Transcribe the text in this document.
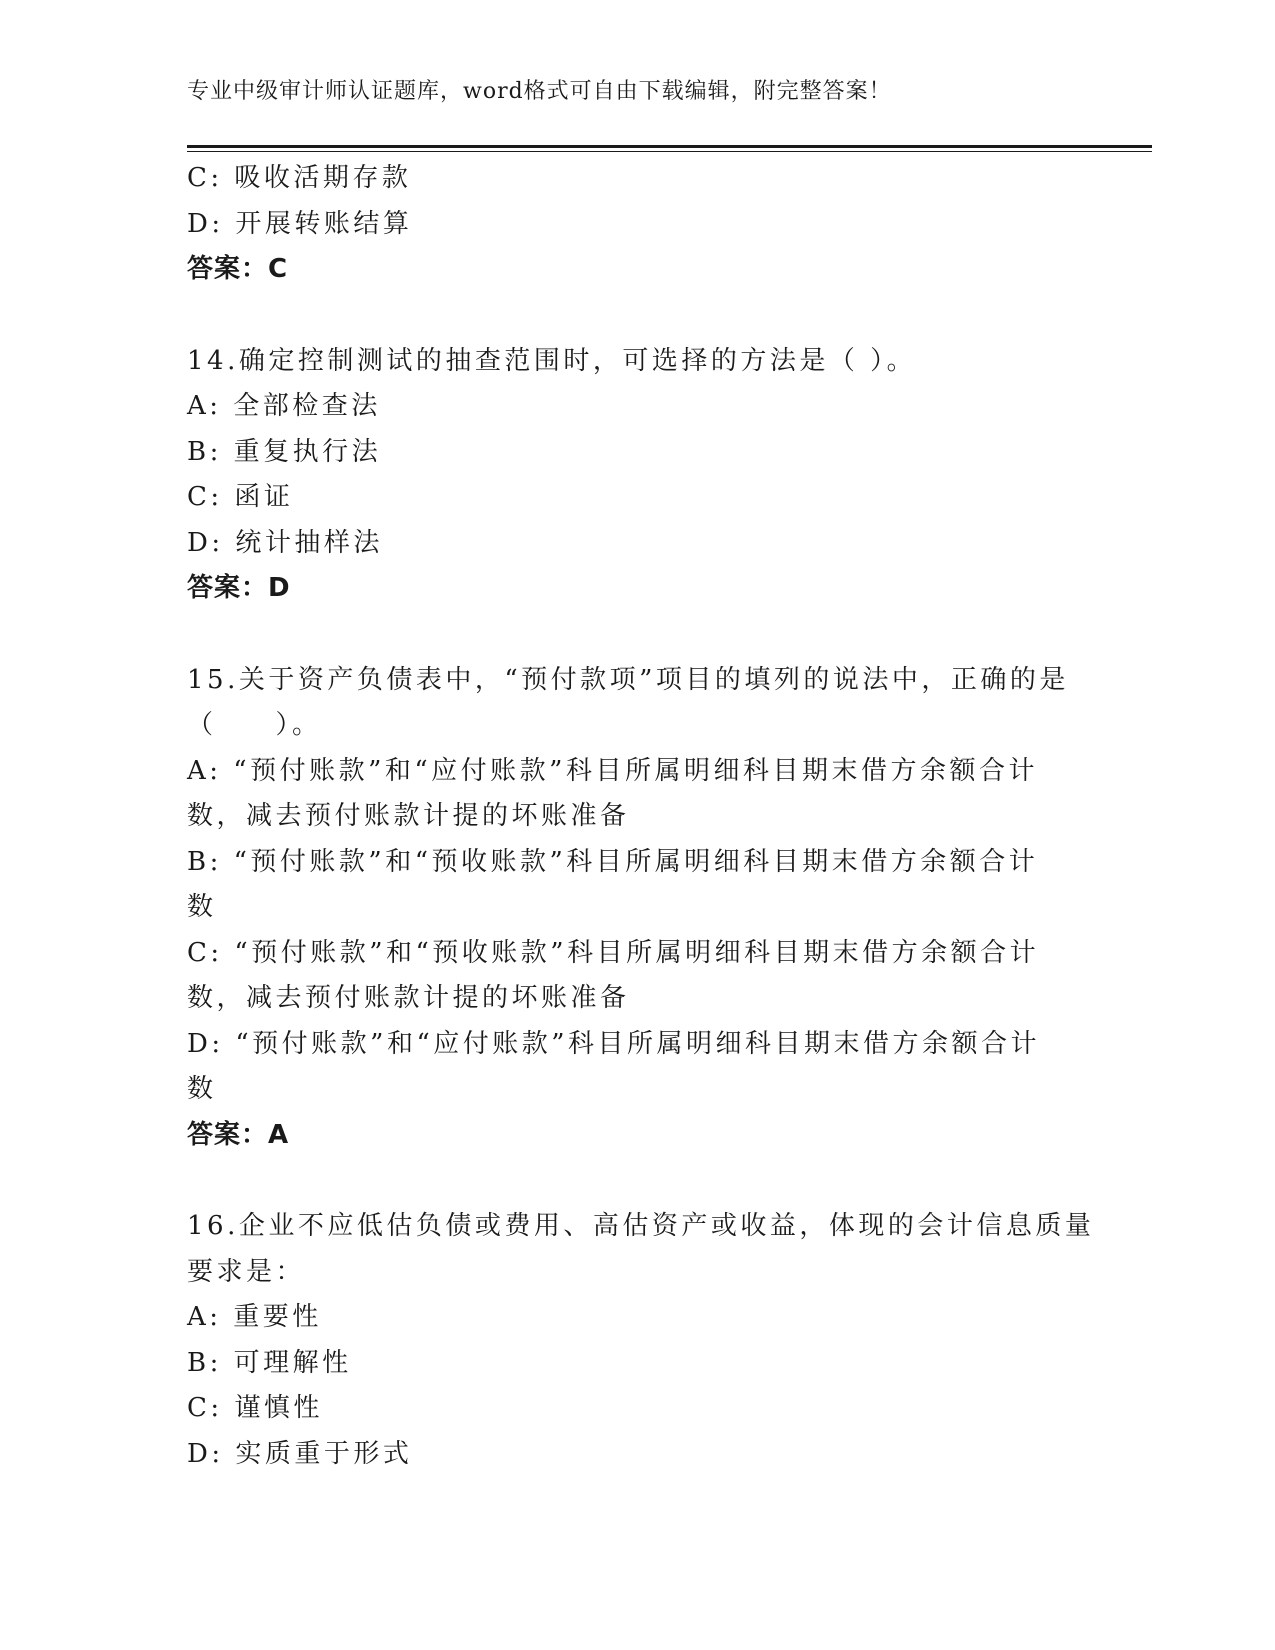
专业中级审计师认证题库，word格式可自由下载编辑，附完整答案！
C: 吸收活期存款
D: 开展转账结算
答案：C
14.确定控制测试的抽查范围时，可选择的方法是（ ）。
A: 全部检查法
B: 重复执行法
C: 函证
D: 统计抽样法
答案：D
15.关于资产负债表中，“预付款项”项目的填列的说法中，正确的是
（　　）。
A: “预付账款”和“应付账款”科目所属明细科目期末借方余额合计
数，减去预付账款计提的坏账准备
B: “预付账款”和“预收账款”科目所属明细科目期末借方余额合计
数
C: “预付账款”和“预收账款”科目所属明细科目期末借方余额合计
数，减去预付账款计提的坏账准备
D: “预付账款”和“应付账款”科目所属明细科目期末借方余额合计
数
答案：A
16.企业不应低估负债或费用、高估资产或收益，体现的会计信息质量
要求是：
A: 重要性
B: 可理解性
C: 谨慎性
D: 实质重于形式
